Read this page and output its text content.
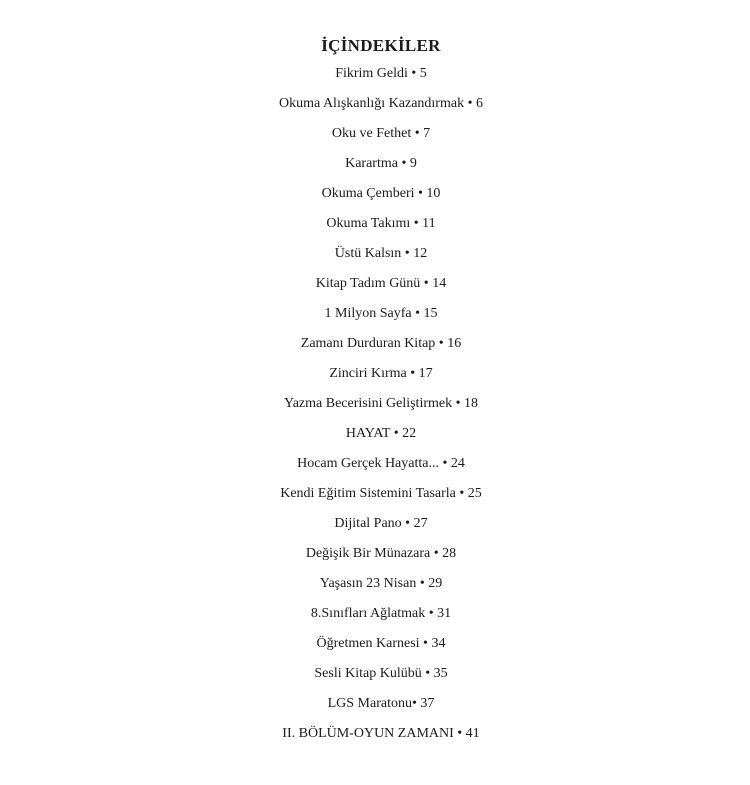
İÇİNDEKİLER
Fikrim Geldi • 5
Okuma Alışkanlığı Kazandırmak • 6
Oku ve Fethet • 7
Karartma • 9
Okuma Çemberi • 10
Okuma Takımı • 11
Üstü Kalsın • 12
Kitap Tadım Günü • 14
1 Milyon Sayfa • 15
Zamanı Durduran Kitap • 16
Zinciri Kırma • 17
Yazma Becerisini Geliştirmek • 18
HAYAT • 22
Hocam Gerçek Hayatta... • 24
Kendi Eğitim Sistemini Tasarla • 25
Dijital Pano • 27
Değişik Bir Münazara • 28
Yaşasın 23 Nisan • 29
8.Sınıfları Ağlatmak • 31
Öğretmen Karnesi • 34
Sesli Kitap Kulübü • 35
LGS Maratonu• 37
II. BÖLÜM-OYUN ZAMANI • 41
